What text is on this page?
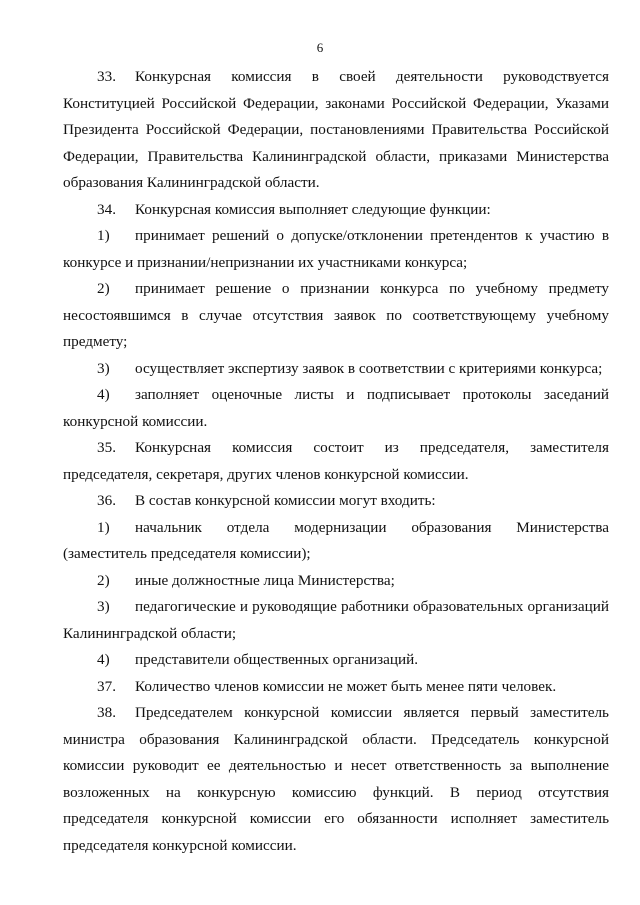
6

33. Конкурсная комиссия в своей деятельности руководствуется Конституцией Российской Федерации, законами Российской Федерации, Указами Президента Российской Федерации, постановлениями Правительства Российской Федерации, Правительства Калининградской области, приказами Министерства образования Калининградской области.

34. Конкурсная комиссия выполняет следующие функции:

1) принимает решений о допуске/отклонении претендентов к участию в конкурсе и признании/непризнании их участниками конкурса;

2) принимает решение о признании конкурса по учебному предмету несостоявшимся в случае отсутствия заявок по соответствующему учебному предмету;

3) осуществляет экспертизу заявок в соответствии с критериями конкурса;

4) заполняет оценочные листы и подписывает протоколы заседаний конкурсной комиссии.

35. Конкурсная комиссия состоит из председателя, заместителя председателя, секретаря, других членов конкурсной комиссии.

36. В состав конкурсной комиссии могут входить:

1) начальник отдела модернизации образования Министерства (заместитель председателя комиссии);

2) иные должностные лица Министерства;

3) педагогические и руководящие работники образовательных организаций Калининградской области;

4) представители общественных организаций.

37. Количество членов комиссии не может быть менее пяти человек.

38. Председателем конкурсной комиссии является первый заместитель министра образования Калининградской области. Председатель конкурсной комиссии руководит ее деятельностью и несет ответственность за выполнение возложенных на конкурсную комиссию функций. В период отсутствия председателя конкурсной комиссии его обязанности исполняет заместитель председателя конкурсной комиссии.
